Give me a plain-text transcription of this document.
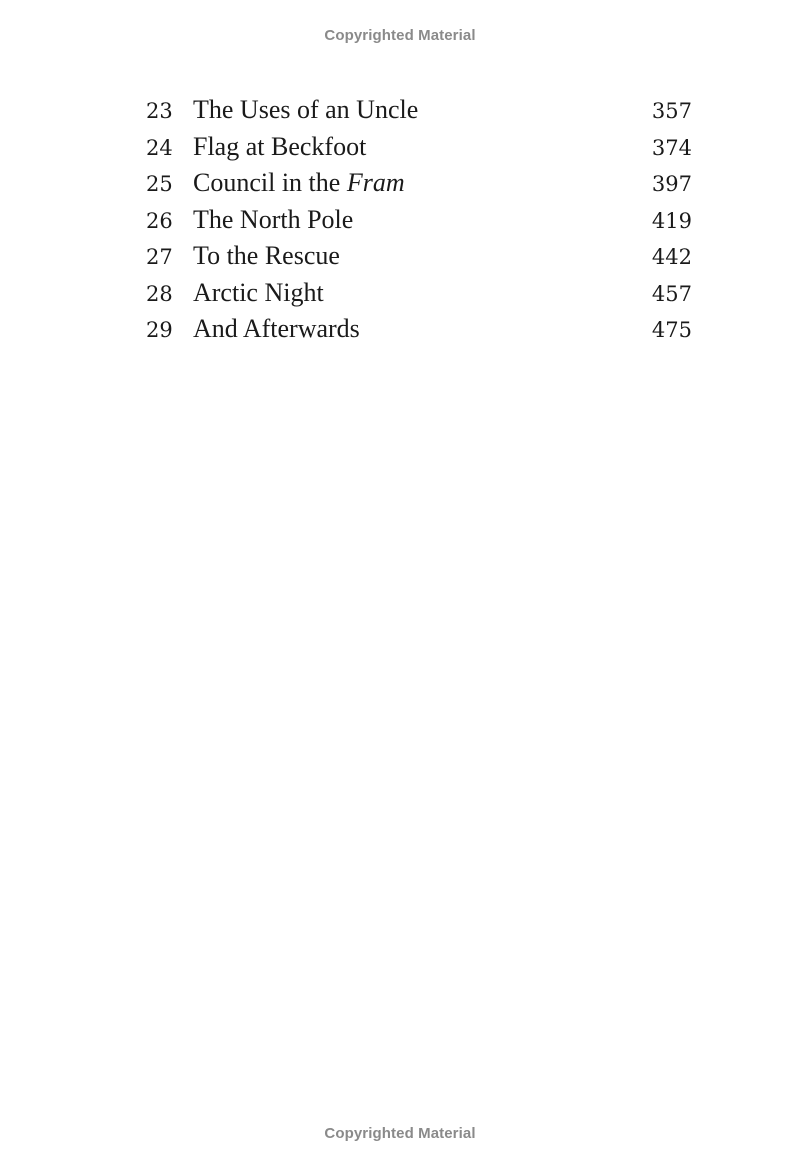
Copyrighted Material
23 The Uses of an Uncle	357
24 Flag at Beckfoot	374
25 Council in the Fram	397
26 The North Pole	419
27 To the Rescue	442
28 Arctic Night	457
29 And Afterwards	475
Copyrighted Material
